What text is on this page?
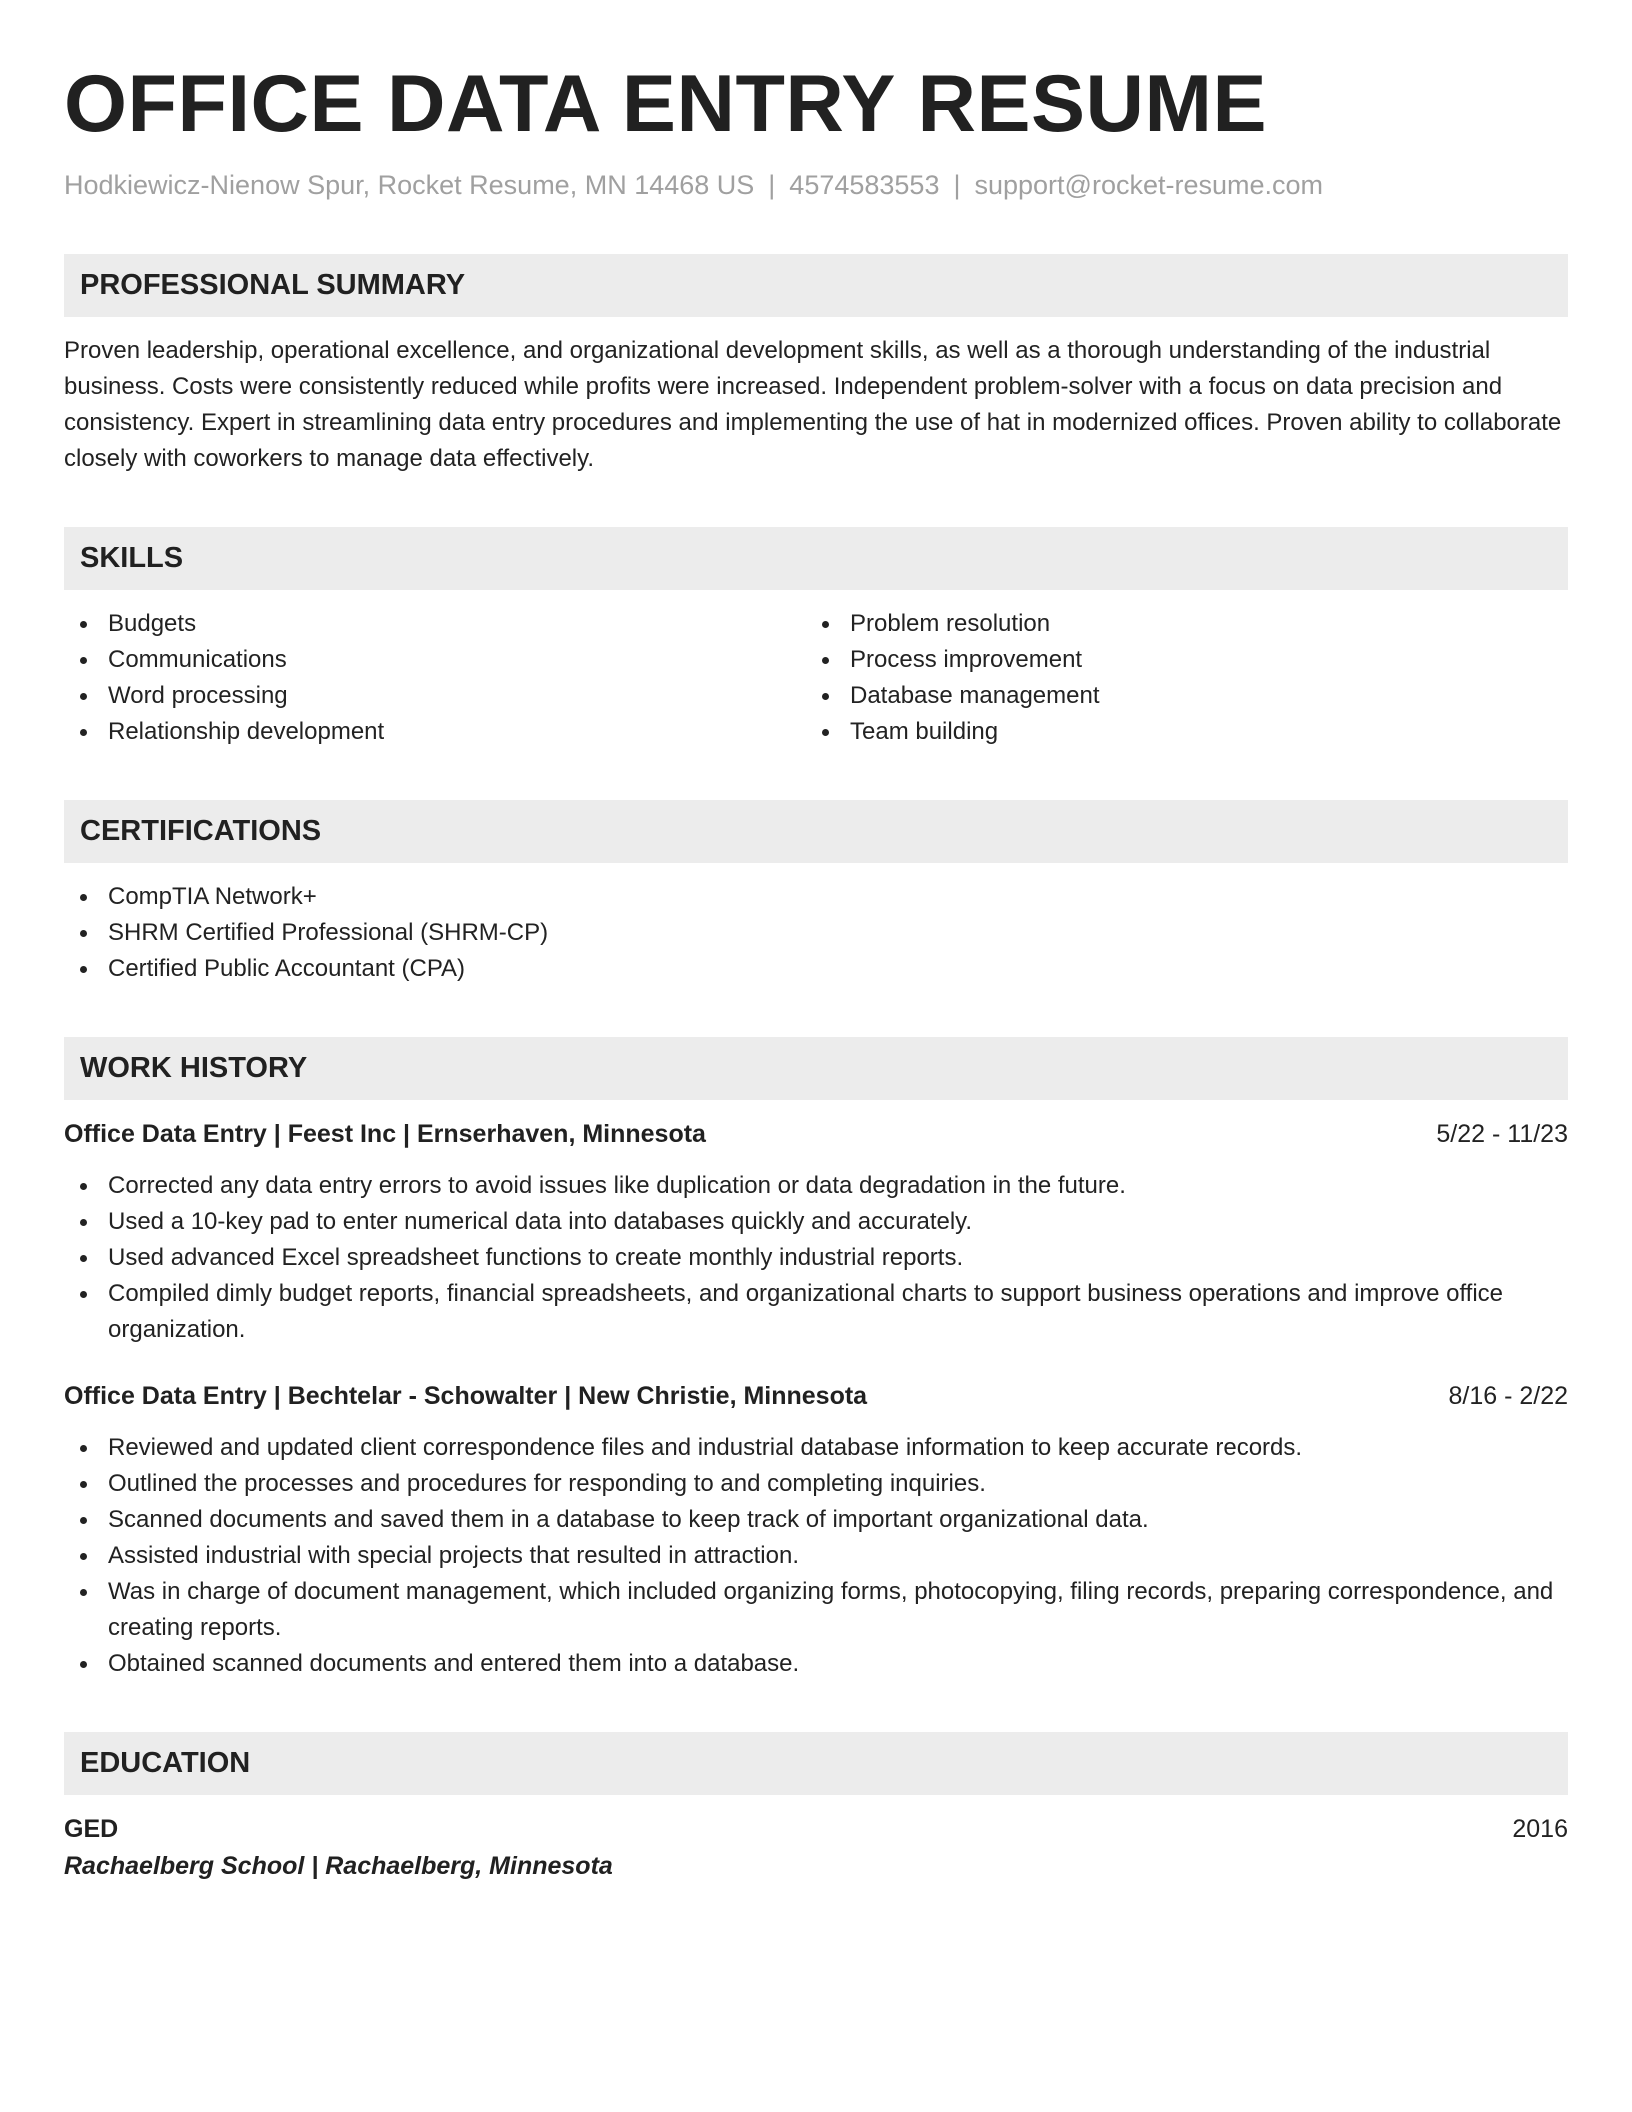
OFFICE DATA ENTRY RESUME
Hodkiewicz-Nienow Spur, Rocket Resume, MN 14468 US | 4574583553 | support@rocket-resume.com
PROFESSIONAL SUMMARY

Proven leadership, operational excellence, and organizational development skills, as well as a thorough understanding of the industrial business. Costs were consistently reduced while profits were increased. Independent problem-solver with a focus on data precision and consistency. Expert in streamlining data entry procedures and implementing the use of hat in modernized offices. Proven ability to collaborate closely with coworkers to manage data effectively.

SKILLS
Budgets
Communications
Word processing
Relationship development
Problem resolution
Process improvement
Database management
Team building
CERTIFICATIONS
CompTIA Network+
SHRM Certified Professional (SHRM-CP)
Certified Public Accountant (CPA)
WORK HISTORY
Office Data Entry | Feest Inc | Ernserhaven, Minnesota	5/22 - 11/23
Corrected any data entry errors to avoid issues like duplication or data degradation in the future.
Used a 10-key pad to enter numerical data into databases quickly and accurately.
Used advanced Excel spreadsheet functions to create monthly industrial reports.
Compiled dimly budget reports, financial spreadsheets, and organizational charts to support business operations and improve office organization.
Office Data Entry | Bechtelar - Schowalter | New Christie, Minnesota	8/16 - 2/22
Reviewed and updated client correspondence files and industrial database information to keep accurate records.
Outlined the processes and procedures for responding to and completing inquiries.
Scanned documents and saved them in a database to keep track of important organizational data.
Assisted industrial with special projects that resulted in attraction.
Was in charge of document management, which included organizing forms, photocopying, filing records, preparing correspondence, and creating reports.
Obtained scanned documents and entered them into a database.
EDUCATION
GED	2016
Rachaelberg School | Rachaelberg, Minnesota
